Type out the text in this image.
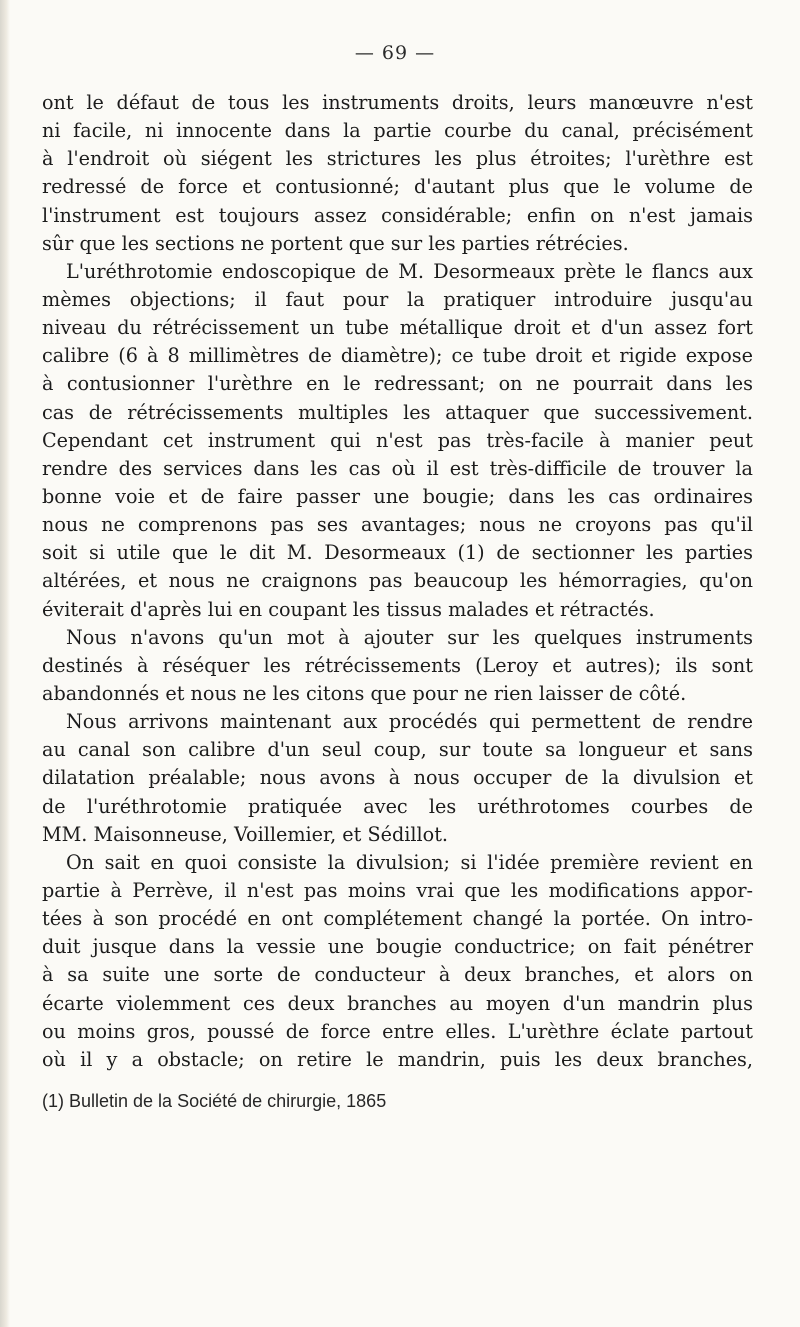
— 69 —
ont le défaut de tous les instruments droits, leurs manœuvre n'est
ni facile, ni innocente dans la partie courbe du canal, précisément
à l'endroit où siégent les strictures les plus étroites; l'urèthre est
redressé de force et contusionné; d'autant plus que le volume de
l'instrument est toujours assez considérable; enfin on n'est jamais
sûr que les sections ne portent que sur les parties rétrécies.
L'uréthrotomie endoscopique de M. Desormeaux prète le flancs aux
mèmes objections; il faut pour la pratiquer introduire jusqu'au
niveau du rétrécissement un tube métallique droit et d'un assez fort
calibre (6 à 8 millimètres de diamètre); ce tube droit et rigide expose
à contusionner l'urèthre en le redressant; on ne pourrait dans les
cas de rétrécissements multiples les attaquer que successivement.
Cependant cet instrument qui n'est pas très-facile à manier peut
rendre des services dans les cas où il est très-difficile de trouver la
bonne voie et de faire passer une bougie; dans les cas ordinaires
nous ne comprenons pas ses avantages; nous ne croyons pas qu'il
soit si utile que le dit M. Desormeaux (1) de sectionner les parties
altérées, et nous ne craignons pas beaucoup les hémorragies, qu'on
éviterait d'après lui en coupant les tissus malades et rétractés.
Nous n'avons qu'un mot à ajouter sur les quelques instruments
destinés à réséquer les rétrécissements (Leroy et autres); ils sont
abandonnés et nous ne les citons que pour ne rien laisser de côté.
Nous arrivons maintenant aux procédés qui permettent de rendre
au canal son calibre d'un seul coup, sur toute sa longueur et sans
dilatation préalable; nous avons à nous occuper de la divulsion et
de l'uréthrotomie pratiquée avec les uréthrotomes courbes de
MM. Maisonneuse, Voillemier, et Sédillot.
On sait en quoi consiste la divulsion; si l'idée première revient en
partie à Perrève, il n'est pas moins vrai que les modifications appor-
tées à son procédé en ont complétement changé la portée. On intro-
duit jusque dans la vessie une bougie conductrice; on fait pénétrer
à sa suite une sorte de conducteur à deux branches, et alors on
écarte violemment ces deux branches au moyen d'un mandrin plus
ou moins gros, poussé de force entre elles. L'urèthre éclate partout
où il y a obstacle; on retire le mandrin, puis les deux branches,
(1) Bulletin de la Société de chirurgie, 1865
